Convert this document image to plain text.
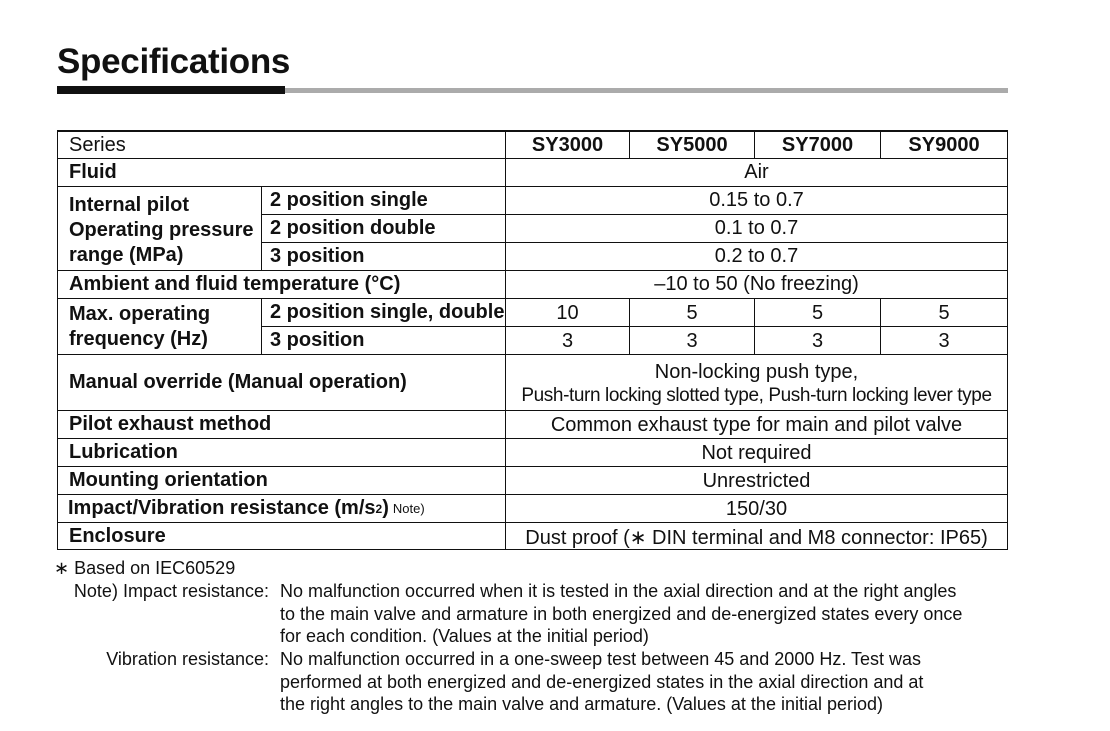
Specifications
Series	SY3000	SY5000	SY7000	SY9000
Fluid	Air
Internal pilot
Operating pressure
range (MPa)
2 position single	0.15 to 0.7
2 position double	0.1 to 0.7
3 position	0.2 to 0.7
Ambient and fluid temperature (°C)	–10 to 50 (No freezing)
Max. operating
frequency (Hz)
2 position single, double	10	5	5	5
3 position	3	3	3	3
Manual override (Manual operation)	Non-locking push type,
Push-turn locking slotted type, Push-turn locking lever type
Pilot exhaust method	Common exhaust type for main and pilot valve
Lubrication	Not required
Mounting orientation	Unrestricted
Impact/Vibration resistance (m/s 2 ) Note)	150/30
Enclosure	Dust proof (∗ DIN terminal and M8 connector: IP65)
∗ Based on IEC60529
Note) Impact resistance: No malfunction occurred when it is tested in the axial direction and at the right angles
to the main valve and armature in both energized and de-energized states every once
for each condition. (Values at the initial period)
Vibration resistance: No malfunction occurred in a one-sweep test between 45 and 2000 Hz. Test was
performed at both energized and de-energized states in the axial direction and at
the right angles to the main valve and armature. (Values at the initial period)
